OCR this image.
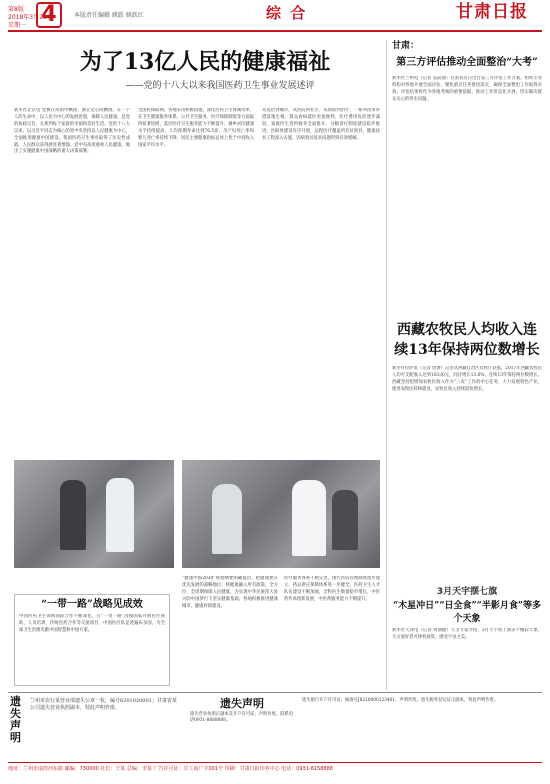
第8版
2018年3月28日
星期一 4	本版责任编辑 姚跃 姚跃红	综 合	甘肃日报
为了13亿人民的健康福祉
——党的十八大以来我国医药卫生事业发展述评
新华社北京电 党旗在风雨中飘扬，旗在党心间飘扬。在一个人的生命中，以人民为中心的发展思想，保障人民健康，是党的执政宗旨，关系到每个家庭的幸福和美好生活。党的十八大以来，以习近平同志为核心的党中央坚持以人民健康为中心，全面推进健康中国建设，我国医药卫生事业取得了历史性成就，人民群众获得感显著增强。党中央高度重视人民健康，做出了实施健康中国战略的重大决策部署。
全国医保联网，各地采用积极措施，深化医药卫生体制改革，在卫生健康服务体系、公共卫生服务、医疗保障制度等方面取得显著进展，基层医疗卫生服务能力不断提升，城乡居民健康水平持续提高，人均预期寿命达到76.5岁，孕产妇死亡率和婴儿死亡率持续下降，居民主要健康指标总体上优于中高收入国家平均水平。
从基层到城市，从医院到社区，从预防到治疗，一系列改革举措落地生根，群众看病就医更加便利，医疗费用负担逐步减轻。家庭医生签约服务全面推开，分级诊疗制度建设稳步推进，医联体建设有序开展，远程医疗覆盖所有贫困县，健康扶贫工程深入实施，因病致贫返贫问题得到有效缓解。
“健康中国2030”规划纲要明确提出，把健康摆在优先发展的战略地位，将健康融入所有政策，全方位、全周期保障人民健康，为实现中华民族伟大复兴的中国梦打下坚实健康基础。各地积极推进健康城市、健康村镇建设。
医疗服务体系不断完善，现代医院管理制度逐步建立，药品供应保障体系进一步健全，医药卫生人才队伍建设不断加强，全科医生数量稳步增长，中医药传承创新发展，中医药服务能力不断提升。
“一带一路”战略见成效
中国医药卫生领域国际合作不断深化，在“一带一路”沿线国家开展医疗援助、人员培训、传统医药合作等交流项目，中国医疗队足迹遍布多国，为全球卫生治理贡献中国智慧和中国方案。
甘肃：
第三方评估推动全面整治“大考”
新华社兰州电（记者 袁前强）甘肃省近日出台第三方评估工作方案，组织专业机构对各地开展全面评估，聚焦重点任务推进落实，确保全面整治工作取得实效。评估结果将作为各地考核的重要依据，推动工作常态化开展，切实解决群众关心的突出问题。
西藏农牧民人均收入连续13年保持两位数增长
新华社拉萨电（记者 庞博）记者从西藏自治区农牧厅获悉，2017年西藏农牧民人均可支配收入达到10330元，同比增长13.6%，连续13年保持两位数增长。西藏坚持把增加农牧民收入作为“三农”工作的中心任务，大力发展特色产业，推进农牧民转移就业，农牧民收入持续较快增长。
3月天宇摆七旗
“木星冲日”“日全食”“半影月食”等多个天象
新华社天津电（记者 周润健）天文专家介绍，3月天宇将上演多个精彩天象，天文爱好者可择机观赏，感受宇宙之美。
遗失声明
兰州市农行某营业部遗失公章一枚，编号6201020001；甘肃省某公司遗失营业执照副本，特此声明作废。	遗失声明
遗失营业执照正副本及开户许可证，声明作废。联系电话0931-8888888。
遗失银行开户许可证，核准号J8210000123401，声明作废。遗失税务登记证正副本，特此声明作废。
地址：兰州市南滨河东路 邮编：730000 社长：王某 总编：李某 广告许可证：甘工商广字001号 印刷：甘肃日报印务中心 电话：0931-8158888
